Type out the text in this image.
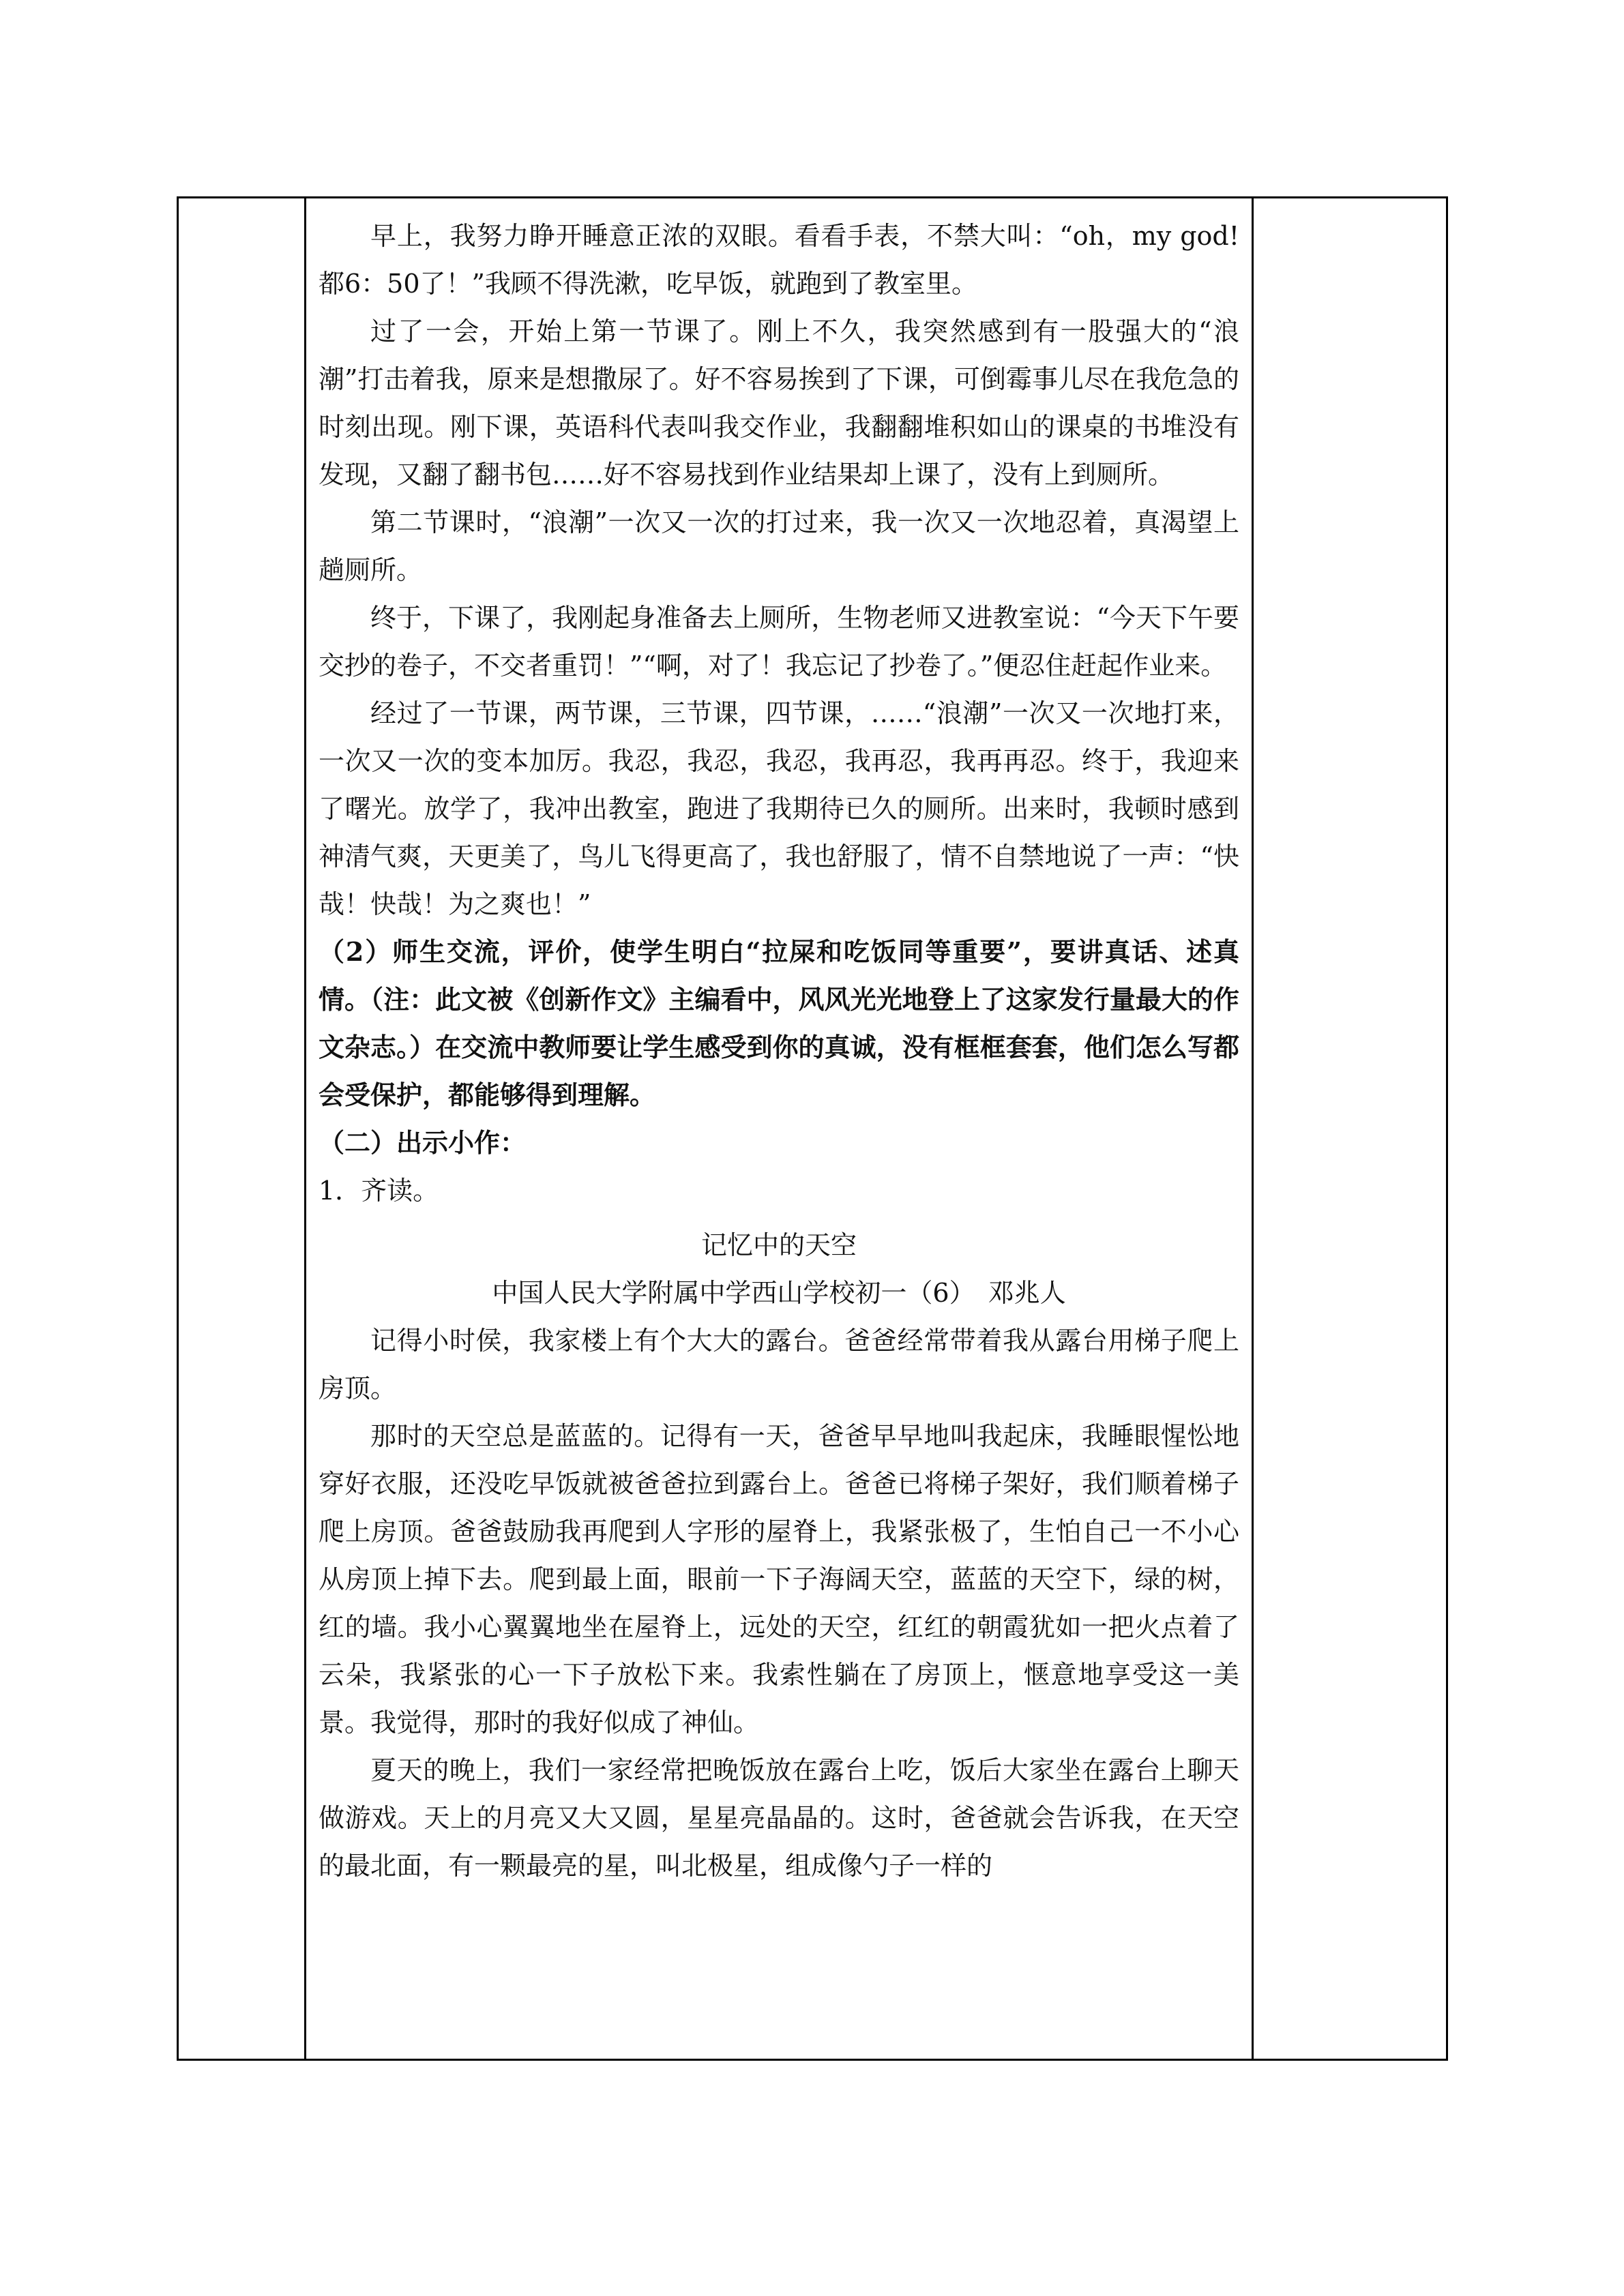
早上，我努力睁开睡意正浓的双眼。看看手表，不禁大叫：“oh，my god!都6：50了！”我顾不得洗漱，吃早饭，就跑到了教室里。

过了一会，开始上第一节课了。刚上不久，我突然感到有一股强大的“浪潮”打击着我，原来是想撒尿了。好不容易挨到了下课，可倒霉事儿尽在我危急的时刻出现。刚下课，英语科代表叫我交作业，我翻翻堆积如山的课桌的书堆没有发现，又翻了翻书包……好不容易找到作业结果却上课了，没有上到厕所。

第二节课时，“浪潮”一次又一次的打过来，我一次又一次地忍着，真渴望上趟厕所。

终于，下课了，我刚起身准备去上厕所，生物老师又进教室说：“今天下午要交抄的卷子，不交者重罚！”“啊，对了！我忘记了抄卷了。”便忍住赶起作业来。

经过了一节课，两节课，三节课，四节课，……“浪潮”一次又一次地打来，一次又一次的变本加厉。我忍，我忍，我忍，我再忍，我再再忍。终于，我迎来了曙光。放学了，我冲出教室，跑进了我期待已久的厕所。出来时，我顿时感到神清气爽，天更美了，鸟儿飞得更高了，我也舒服了，情不自禁地说了一声：“快哉！快哉！为之爽也！”

（2）师生交流，评价，使学生明白“拉屎和吃饭同等重要”，要讲真话、述真情。（注：此文被《创新作文》主编看中，风风光光地登上了这家发行量最大的作文杂志。）在交流中教师要让学生感受到你的真诚，没有框框套套，他们怎么写都会受保护，都能够得到理解。

（二）出示小作：

1．齐读。

记忆中的天空

中国人民大学附属中学西山学校初一（6）　邓兆人

记得小时侯，我家楼上有个大大的露台。爸爸经常带着我从露台用梯子爬上房顶。

那时的天空总是蓝蓝的。记得有一天，爸爸早早地叫我起床，我睡眼惺忪地穿好衣服，还没吃早饭就被爸爸拉到露台上。爸爸已将梯子架好，我们顺着梯子爬上房顶。爸爸鼓励我再爬到人字形的屋脊上，我紧张极了，生怕自己一不小心从房顶上掉下去。爬到最上面，眼前一下子海阔天空，蓝蓝的天空下，绿的树，红的墙。我小心翼翼地坐在屋脊上，远处的天空，红红的朝霞犹如一把火点着了云朵，我紧张的心一下子放松下来。我索性躺在了房顶上，惬意地享受这一美景。我觉得，那时的我好似成了神仙。

夏天的晚上，我们一家经常把晚饭放在露台上吃，饭后大家坐在露台上聊天做游戏。天上的月亮又大又圆，星星亮晶晶的。这时，爸爸就会告诉我，在天空的最北面，有一颗最亮的星，叫北极星，组成像勺子一样的
